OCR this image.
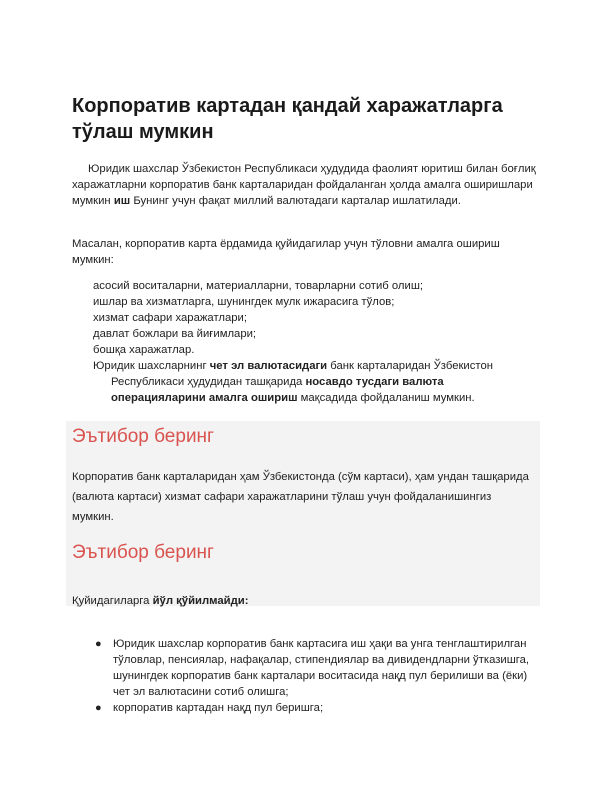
Корпоратив картадан қандай харажатларга тўлаш мумкин

Юридик шахслар Ўзбекистон Республикаси ҳудудида фаолият юритиш билан боғлиқ харажатларни корпоратив банк карталаридан фойдаланган ҳолда амалга оширишлари мумкин иш Бунинг учун фақат миллий валютадаги карталар ишлатилади.

Масалан, корпоратив карта ёрдамида қуйидагилар учун тўловни амалга ошириш мумкин:

асосий воситаларни, материалларни, товарларни сотиб олиш;
ишлар ва хизматларга, шунингдек мулк ижарасига тўлов;
хизмат сафари харажатлари;
давлат божлари ва йиғимлари;
бошқа харажатлар.
Юридик шахсларнинг чет эл валютасидаги банк карталаридан Ўзбекистон Республикаси ҳудудидан ташқарида носавдо тусдаги валюта операцияларини амалга ошириш мақсадида фойдаланиш мумкин.
Эътибор беринг

Корпоратив банк карталаридан ҳам Ўзбекистонда (сўм картаси), ҳам ундан ташқарида (валюта картаси) хизмат сафари харажатларини тўлаш учун фойдаланишингиз мумкин.

Эътибор беринг

Қуйидагиларга йўл қўйилмайди:

● Юридик шахслар корпоратив банк картасига иш ҳақи ва унга тенглаштирилган тўловлар, пенсиялар, нафақалар, стипендиялар ва дивидендларни ўтказишга, шунингдек корпоратив банк карталари воситасида нақд пул берилиши ва (ёки) чет эл валютасини сотиб олишга;
● корпоратив картадан нақд пул беришга;
